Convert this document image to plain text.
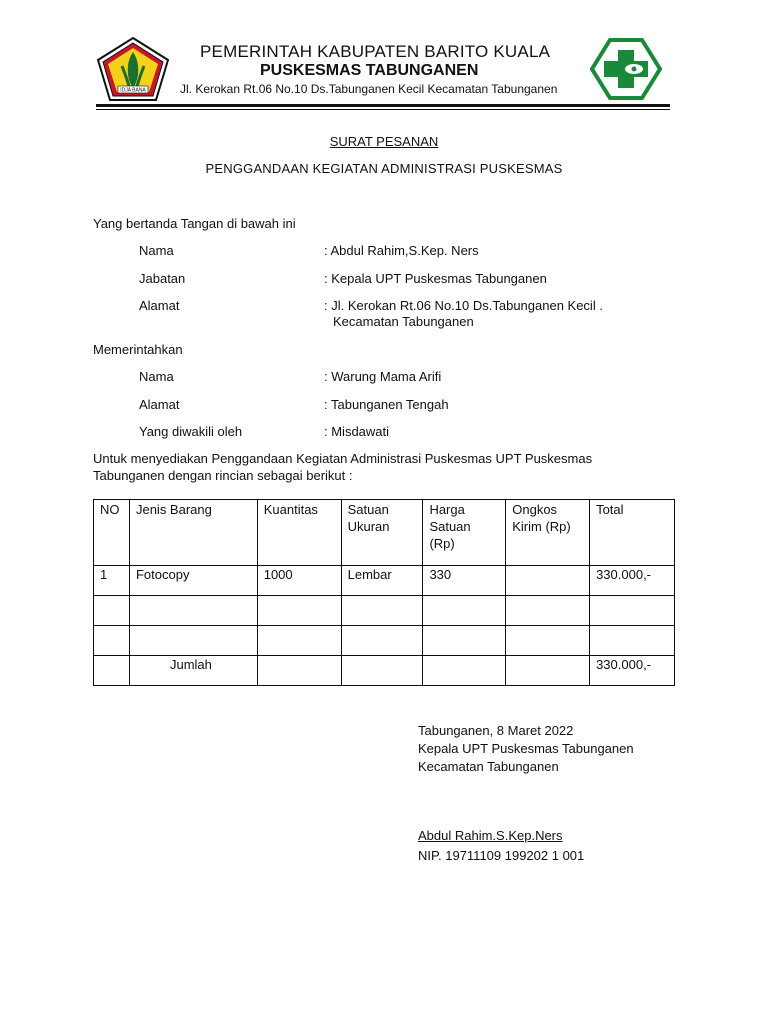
IDJA BANA
PEMERINTAH KABUPATEN BARITO KUALA
PUSKESMAS TABUNGANEN
Jl. Kerokan Rt.06 No.10 Ds.Tabunganen Kecil Kecamatan Tabunganen
SURAT PESANAN
PENGGANDAAN KEGIATAN ADMINISTRASI PUSKESMAS
Yang bertanda Tangan di bawah ini
Nama	: Abdul Rahim,S.Kep. Ners
Jabatan	: Kepala UPT Puskesmas Tabunganen
Alamat	: Jl. Kerokan Rt.06 No.10 Ds.Tabunganen Kecil .
Kecamatan Tabunganen
Memerintahkan
Nama	: Warung Mama Arifi
Alamat	: Tabunganen Tengah
Yang diwakili oleh	: Misdawati
Untuk menyediakan Penggandaan Kegiatan Administrasi Puskesmas UPT Puskesmas
Tabunganen dengan rincian sebagai berikut :
NO	Jenis Barang	Kuantitas	Satuan Ukuran	Harga Satuan (Rp)	Ongkos Kirim (Rp)	Total
1	Fotocopy	1000	Lembar	330		330.000,-

	Jumlah					330.000,-
Tabunganen, 8 Maret 2022
Kepala UPT Puskesmas Tabunganen
Kecamatan Tabunganen
Abdul Rahim.S.Kep.Ners
NIP. 19711109 199202 1 001
